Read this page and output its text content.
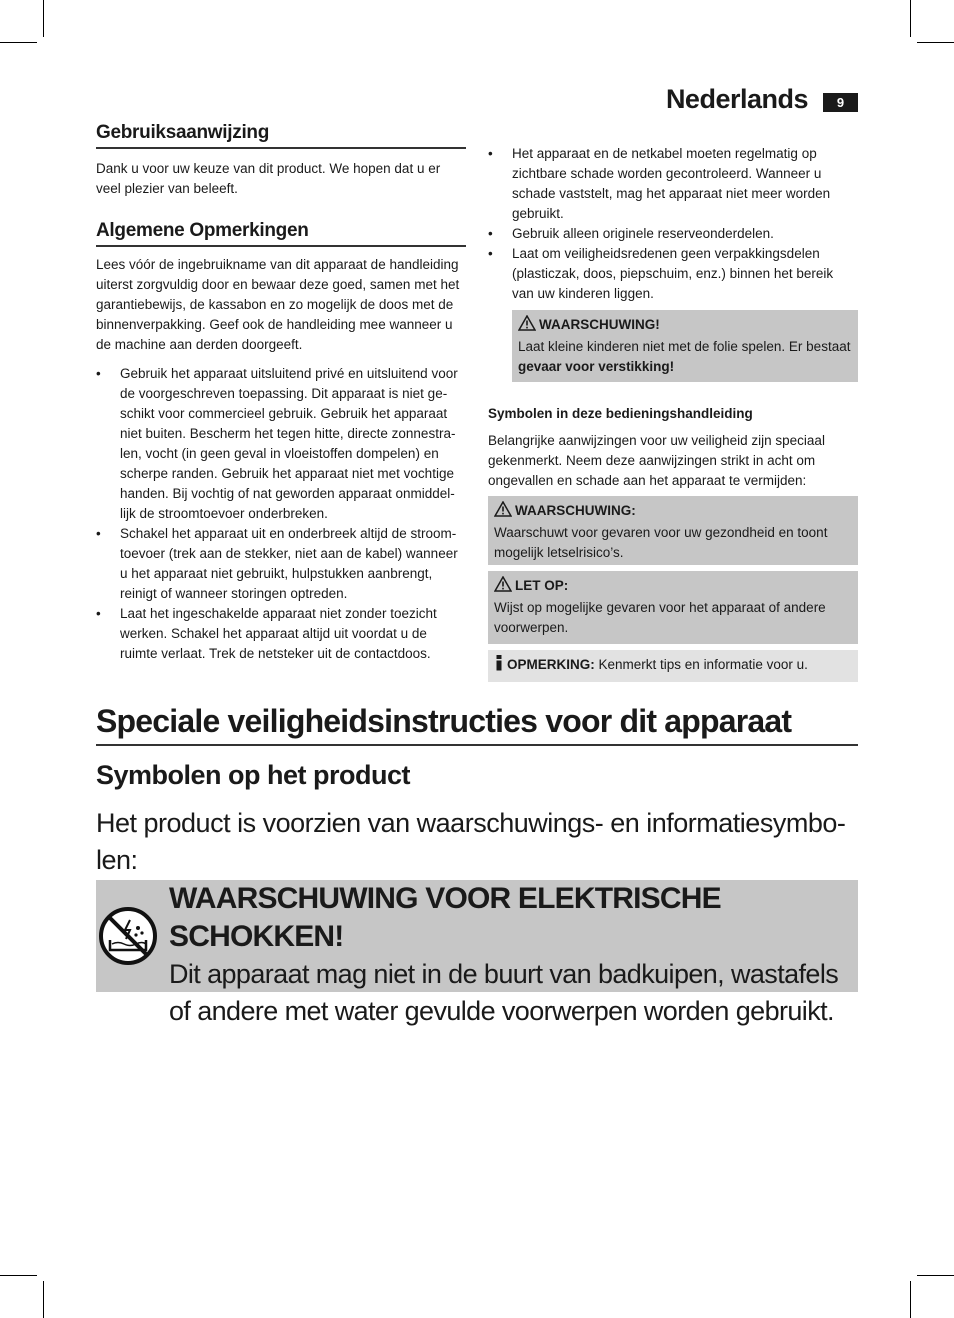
Nederlands	9
Gebruiksaanwijzing

Dank u voor uw keuze van dit product. We hopen dat u er veel plezier van beleeft.

Algemene Opmerkingen

Lees vóór de ingebruikname van dit apparaat de handleiding uiterst zorgvuldig door en bewaar deze goed, samen met het garantiebewijs, de kassabon en zo mogelijk de doos met de binnenverpakking. Geef ook de handleiding mee wanneer u de machine aan derden doorgeeft.

• Gebruik het apparaat uitsluitend privé en uitsluitend voor de voorgeschreven toepassing. Dit apparaat is niet ge-schikt voor commercieel gebruik. Gebruik het apparaat niet buiten. Bescherm het tegen hitte, directe zonnestra-len, vocht (in geen geval in vloeistoffen dompelen) en scherpe randen. Gebruik het apparaat niet met vochtige handen. Bij vochtig of nat geworden apparaat onmiddel-lijk de stroomtoevoer onderbreken.
• Schakel het apparaat uit en onderbreek altijd de stroom-toevoer (trek aan de stekker, niet aan de kabel) wanneer u het apparaat niet gebruikt, hulpstukken aanbrengt, reinigt of wanneer storingen optreden.
• Laat het ingeschakelde apparaat niet zonder toezicht werken. Schakel het apparaat altijd uit voordat u de ruimte verlaat. Trek de netsteker uit de contactdoos.
• Het apparaat en de netkabel moeten regelmatig op zichtbare schade worden gecontroleerd. Wanneer u schade vaststelt, mag het apparaat niet meer worden gebruikt.
• Gebruik alleen originele reserveonderdelen.
• Laat om veiligheidsredenen geen verpakkingsdelen (plasticzak, doos, piepschuim, enz.) binnen het bereik van uw kinderen liggen.
WAARSCHUWING!
Laat kleine kinderen niet met de folie spelen. Er bestaat gevaar voor verstikking!
Symbolen in deze bedieningshandleiding

Belangrijke aanwijzingen voor uw veiligheid zijn speciaal gekenmerkt. Neem deze aanwijzingen strikt in acht om ongevallen en schade aan het apparaat te vermijden:

WAARSCHUWING:
Waarschuwt voor gevaren voor uw gezondheid en toont mogelijk letselrisico’s.
LET OP:
Wijst op mogelijke gevaren voor het apparaat of andere voorwerpen.
OPMERKING: Kenmerkt tips en informatie voor u.
Speciale veiligheidsinstructies voor dit apparaat
Symbolen op het product
Het product is voorzien van waarschuwings- en informatiesymbo-len:
WAARSCHUWING VOOR ELEKTRISCHE SCHOKKEN!
Dit apparaat mag niet in de buurt van badkuipen, wastafels of andere met water gevulde voorwerpen worden gebruikt.
